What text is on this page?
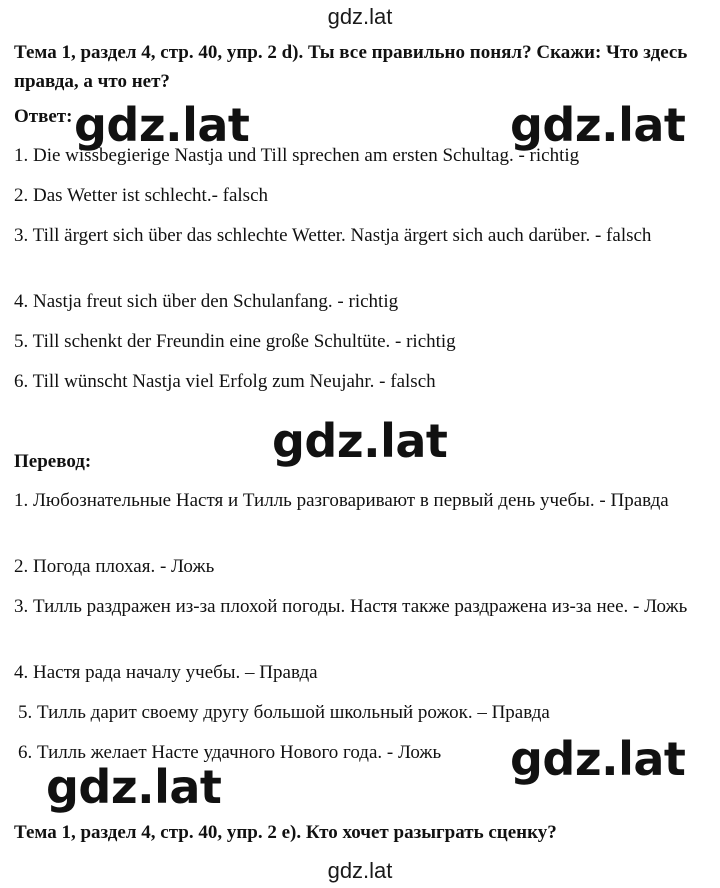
gdz.lat
Тема 1, раздел 4, стр. 40, упр. 2 d). Ты все правильно понял? Скажи: Что здесь правда, а что нет?
Ответ:
1. Die wissbegierige Nastja und Till sprechen am ersten Schultag. - richtig
2. Das Wetter ist schlecht.- falsch
3. Till ärgert sich über das schlechte Wetter. Nastja ärgert sich auch darüber. - falsch
4. Nastja freut sich über den Schulanfang. - richtig
5. Till schenkt der Freundin eine große Schultüte. - richtig
6. Till wünscht Nastja viel Erfolg zum Neujahr. - falsch
Перевод:
1. Любознательные Настя и Тилль разговаривают в первый день учебы. - Правда
2. Погода плохая. - Ложь
3. Тилль раздражен из-за плохой погоды. Настя также раздражена из-за нее. - Ложь
4. Настя рада началу учебы. – Правда
5. Тилль дарит своему другу большой школьный рожок. – Правда
6. Тилль желает Насте удачного Нового года. - Ложь
Тема 1, раздел 4, стр. 40, упр. 2 e). Кто хочет разыграть сценку?
gdz.lat
gdz.lat	gdz.lat
gdz.lat
gdz.lat
gdz.lat
